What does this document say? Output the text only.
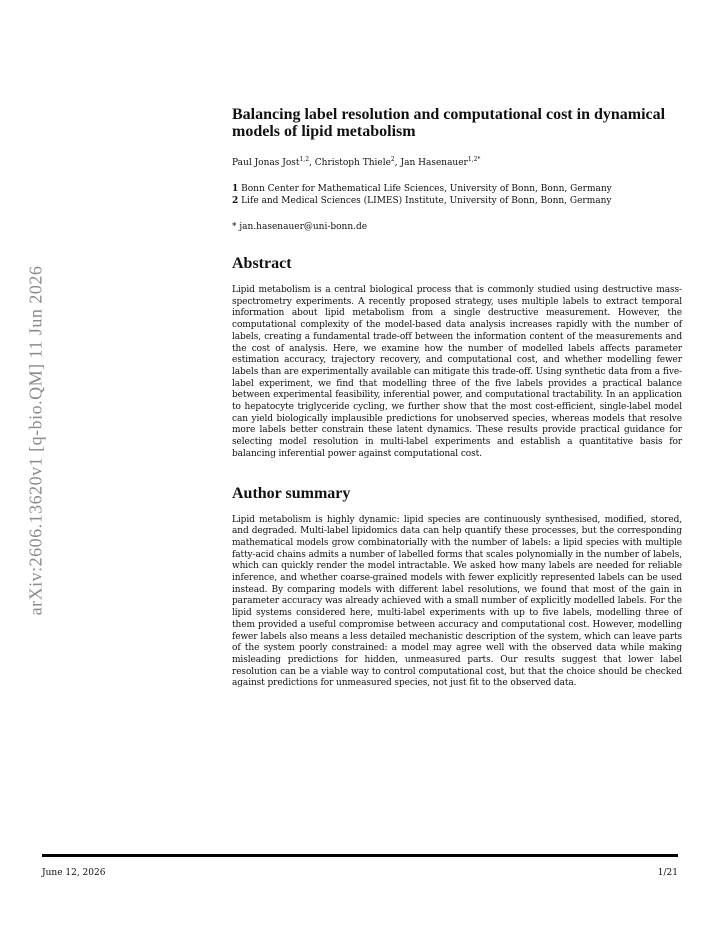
arXiv:2606.13620v1 [q-bio.QM] 11 Jun 2026
Balancing label resolution and computational cost in dynamical models of lipid metabolism
Paul Jonas Jost$^{1,2}$, Christoph Thiele$^2$, Jan Hasenauer$^{1,2*}$
1 Bonn Center for Mathematical Life Sciences, University of Bonn, Bonn, Germany
2 Life and Medical Sciences (LIMES) Institute, University of Bonn, Bonn, Germany
* jan.hasenauer@uni-bonn.de
Abstract

Lipid metabolism is a central biological process that is commonly studied using destructive mass-spectrometry experiments. A recently proposed strategy, uses multiple labels to extract temporal information about lipid metabolism from a single destructive measurement. However, the computational complexity of the model-based data analysis increases rapidly with the number of labels, creating a fundamental trade-off between the information content of the measurements and the cost of analysis. Here, we examine how the number of modelled labels affects parameter estimation accuracy, trajectory recovery, and computational cost, and whether modelling fewer labels than are experimentally available can mitigate this trade-off. Using synthetic data from a five-label experiment, we find that modelling three of the five labels provides a practical balance between experimental feasibility, inferential power, and computational tractability. In an application to hepatocyte triglyceride cycling, we further show that the most cost-efficient, single-label model can yield biologically implausible predictions for unobserved species, whereas models that resolve more labels better constrain these latent dynamics. These results provide practical guidance for selecting model resolution in multi-label experiments and establish a quantitative basis for balancing inferential power against computational cost.

Author summary

Lipid metabolism is highly dynamic: lipid species are continuously synthesised, modified, stored, and degraded. Multi-label lipidomics data can help quantify these processes, but the corresponding mathematical models grow combinatorially with the number of labels: a lipid species with multiple fatty-acid chains admits a number of labelled forms that scales polynomially in the number of labels, which can quickly render the model intractable. We asked how many labels are needed for reliable inference, and whether coarse-grained models with fewer explicitly represented labels can be used instead. By comparing models with different label resolutions, we found that most of the gain in parameter accuracy was already achieved with a small number of explicitly modelled labels. For the lipid systems considered here, multi-label experiments with up to five labels, modelling three of them provided a useful compromise between accuracy and computational cost. However, modelling fewer labels also means a less detailed mechanistic description of the system, which can leave parts of the system poorly constrained: a model may agree well with the observed data while making misleading predictions for hidden, unmeasured parts. Our results suggest that lower label resolution can be a viable way to control computational cost, but that the choice should be checked against predictions for unmeasured species, not just fit to the observed data.

June 12, 2026	1/21
